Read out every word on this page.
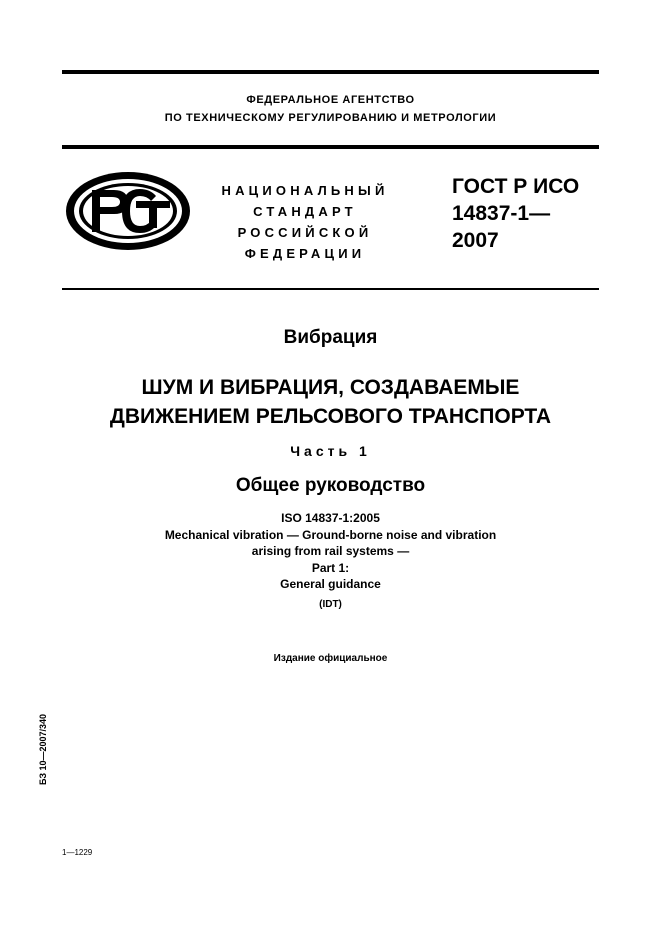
ФЕДЕРАЛЬНОЕ АГЕНТСТВО
ПО ТЕХНИЧЕСКОМУ РЕГУЛИРОВАНИЮ И МЕТРОЛОГИИ
НАЦИОНАЛЬНЫЙ
СТАНДАРТ
РОССИЙСКОЙ
ФЕДЕРАЦИИ
ГОСТ Р ИСО
14837-1—
2007
Вибрация
ШУМ И ВИБРАЦИЯ, СОЗДАВАЕМЫЕ
ДВИЖЕНИЕМ РЕЛЬСОВОГО ТРАНСПОРТА
Часть 1
Общее руководство
ISO 14837-1:2005
Mechanical vibration — Ground-borne noise and vibration
arising from rail systems —
Part 1:
General guidance
(IDT)
Издание официальное
БЗ 10—2007/340
1—1229
